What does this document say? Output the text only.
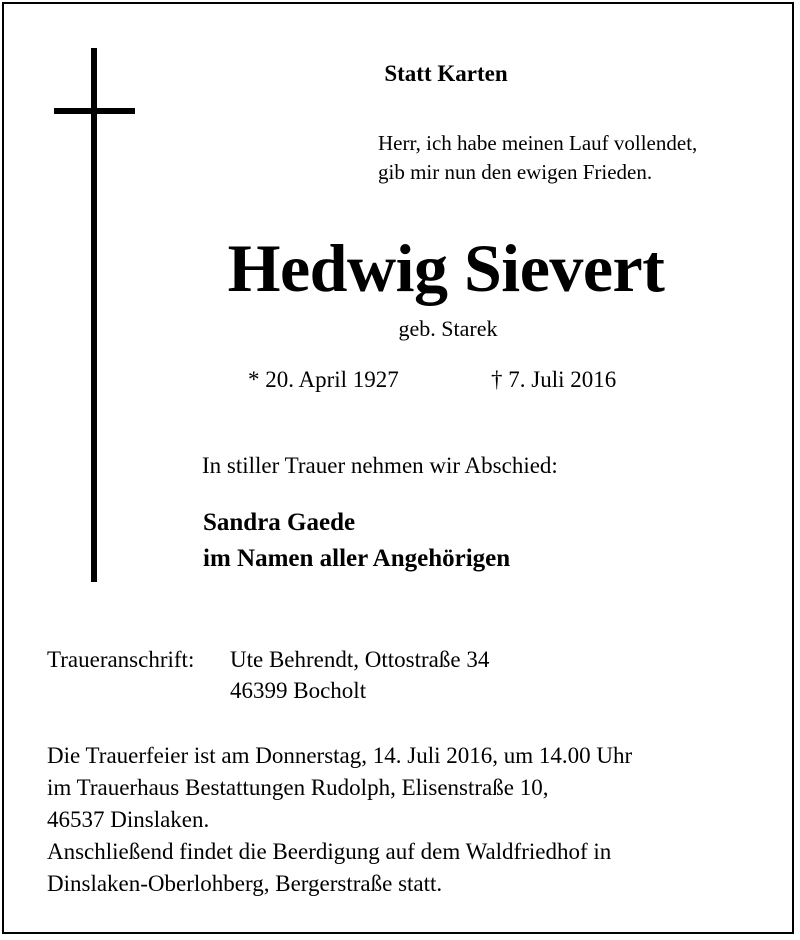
Statt Karten
Herr, ich habe meinen Lauf vollendet,
gib mir nun den ewigen Frieden.
Hedwig Sievert
geb. Starek
* 20. April 1927	† 7. Juli 2016
In stiller Trauer nehmen wir Abschied:
Sandra Gaede
im Namen aller Angehörigen
Traueranschrift: Ute Behrendt, Ottostraße 34
46399 Bocholt
Die Trauerfeier ist am Donnerstag, 14. Juli 2016, um 14.00 Uhr
im Trauerhaus Bestattungen Rudolph, Elisenstraße 10,
46537 Dinslaken.
Anschließend findet die Beerdigung auf dem Waldfriedhof in
Dinslaken-Oberlohberg, Bergerstraße statt.
